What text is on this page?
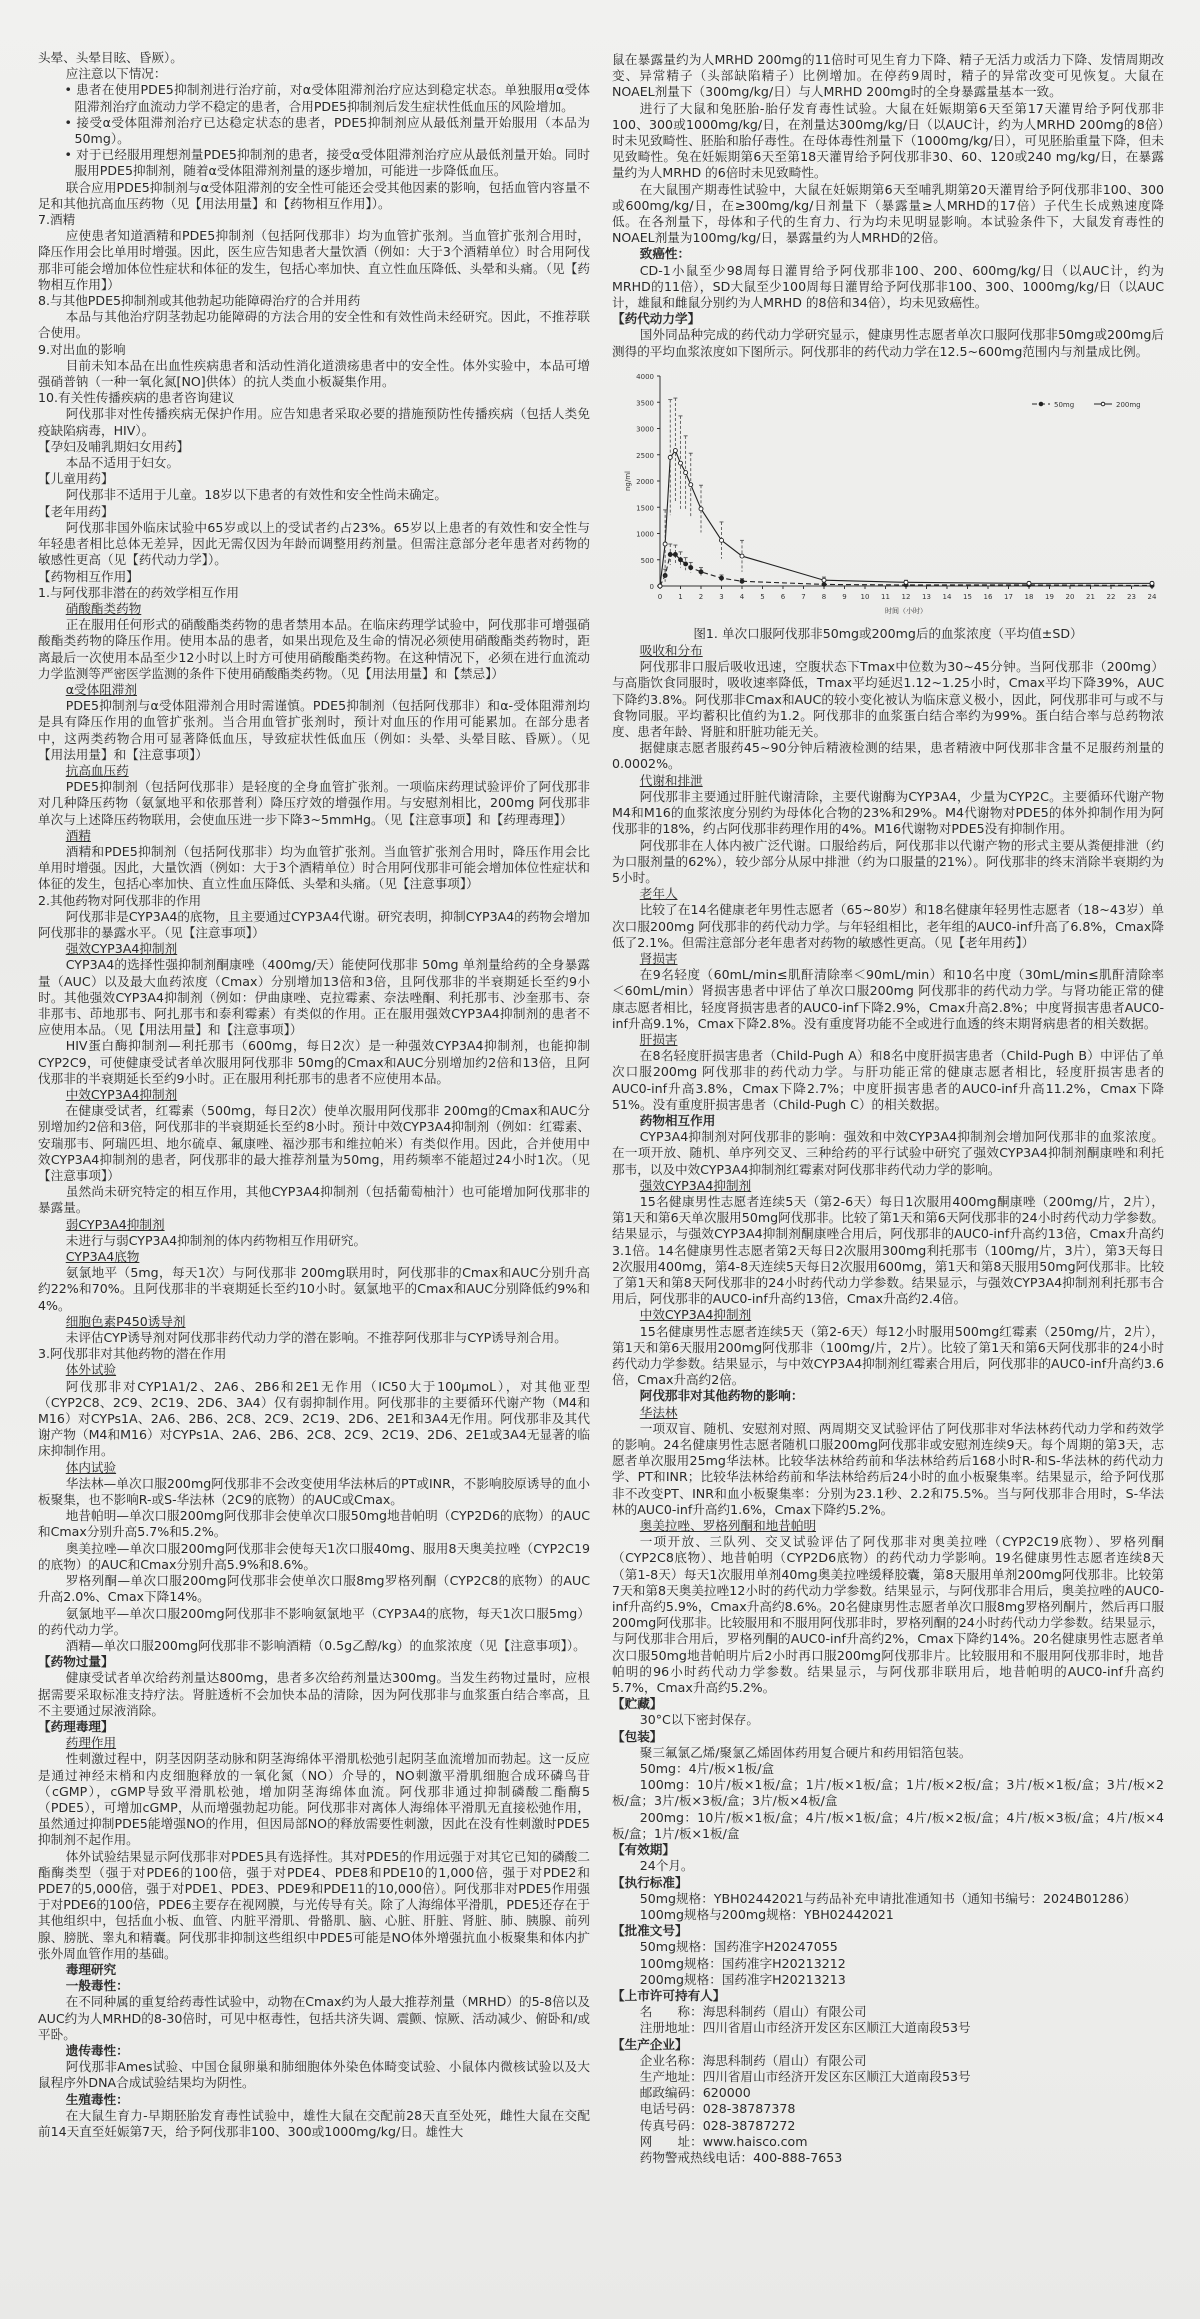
头晕、头晕目眩、昏厥）。

应注意以下情况：

• 患者在使用PDE5抑制剂进行治疗前，对α受体阻滞剂治疗应达到稳定状态。单独服用α受体阻滞剂治疗血流动力学不稳定的患者，合用PDE5抑制剂后发生症状性低血压的风险增加。

• 接受α受体阻滞剂治疗已达稳定状态的患者，PDE5抑制剂应从最低剂量开始服用（本品为50mg）。

• 对于已经服用理想剂量PDE5抑制剂的患者，接受α受体阻滞剂治疗应从最低剂量开始。同时服用PDE5抑制剂，随着α受体阻滞剂剂量的逐步增加，可能进一步降低血压。

联合应用PDE5抑制剂与α受体阻滞剂的安全性可能还会受其他因素的影响，包括血管内容量不足和其他抗高血压药物（见【用法用量】和【药物相互作用】）。

7.酒精

应使患者知道酒精和PDE5抑制剂（包括阿伐那非）均为血管扩张剂。当血管扩张剂合用时，降压作用会比单用时增强。因此，医生应告知患者大量饮酒（例如：大于3个酒精单位）时合用阿伐那非可能会增加体位性症状和体征的发生，包括心率加快、直立性血压降低、头晕和头痛。（见【药物相互作用】）

8.与其他PDE5抑制剂或其他勃起功能障碍治疗的合并用药

本品与其他治疗阴茎勃起功能障碍的方法合用的安全性和有效性尚未经研究。因此，不推荐联合使用。

9.对出血的影响

目前未知本品在出血性疾病患者和活动性消化道溃疡患者中的安全性。体外实验中，本品可增强硝普钠（一种一氧化氮[NO]供体）的抗人类血小板凝集作用。

10.有关性传播疾病的患者咨询建议

阿伐那非对性传播疾病无保护作用。应告知患者采取必要的措施预防性传播疾病（包括人类免疫缺陷病毒，HIV）。

【孕妇及哺乳期妇女用药】

本品不适用于妇女。

【儿童用药】

阿伐那非不适用于儿童。18岁以下患者的有效性和安全性尚未确定。

【老年用药】

阿伐那非国外临床试验中65岁或以上的受试者约占23%。65岁以上患者的有效性和安全性与年轻患者相比总体无差异，因此无需仅因为年龄而调整用药剂量。但需注意部分老年患者对药物的敏感性更高（见【药代动力学】）。

【药物相互作用】

1.与阿伐那非潜在的药效学相互作用

硝酸酯类药物

正在服用任何形式的硝酸酯类药物的患者禁用本品。在临床药理学试验中，阿伐那非可增强硝酸酯类药物的降压作用。使用本品的患者，如果出现危及生命的情况必须使用硝酸酯类药物时，距离最后一次使用本品至少12小时以上时方可使用硝酸酯类药物。在这种情况下，必须在进行血流动力学监测等严密医学监测的条件下使用硝酸酯类药物。（见【用法用量】和【禁忌】）

α受体阻滞剂

PDE5抑制剂与α受体阻滞剂合用时需谨慎。PDE5抑制剂（包括阿伐那非）和α-受体阻滞剂均是具有降压作用的血管扩张剂。当合用血管扩张剂时，预计对血压的作用可能累加。在部分患者中，这两类药物合用可显著降低血压，导致症状性低血压（例如：头晕、头晕目眩、昏厥）。（见【用法用量】和【注意事项】）

抗高血压药

PDE5抑制剂（包括阿伐那非）是轻度的全身血管扩张剂。一项临床药理试验评价了阿伐那非对几种降压药物（氨氯地平和依那普利）降压疗效的增强作用。与安慰剂相比，200mg 阿伐那非单次与上述降压药物联用，会使血压进一步下降3~5mmHg。（见【注意事项】和【药理毒理】）

酒精

酒精和PDE5抑制剂（包括阿伐那非）均为血管扩张剂。当血管扩张剂合用时，降压作用会比单用时增强。因此，大量饮酒（例如：大于3个酒精单位）时合用阿伐那非可能会增加体位性症状和体征的发生，包括心率加快、直立性血压降低、头晕和头痛。（见【注意事项】）

2.其他药物对阿伐那非的作用

阿伐那非是CYP3A4的底物，且主要通过CYP3A4代谢。研究表明，抑制CYP3A4的药物会增加阿伐那非的暴露水平。（见【注意事项】）

强效CYP3A4抑制剂

CYP3A4的选择性强抑制剂酮康唑（400mg/天）能使阿伐那非 50mg 单剂量给药的全身暴露量（AUC）以及最大血药浓度（Cmax）分别增加13倍和3倍，且阿伐那非的半衰期延长至约9小时。其他强效CYP3A4抑制剂（例如：伊曲康唑、克拉霉素、奈法唑酮、利托那韦、沙奎那韦、奈非那韦、茚地那韦、阿扎那韦和泰利霉素）有类似的作用。正在服用强效CYP3A4抑制剂的患者不应使用本品。（见【用法用量】和【注意事项】）

HIV蛋白酶抑制剂—利托那韦（600mg，每日2次）是一种强效CYP3A4抑制剂，也能抑制CYP2C9，可使健康受试者单次服用阿伐那非 50mg的Cmax和AUC分别增加约2倍和13倍，且阿伐那非的半衰期延长至约9小时。正在服用利托那韦的患者不应使用本品。

中效CYP3A4抑制剂

在健康受试者，红霉素（500mg，每日2次）使单次服用阿伐那非 200mg的Cmax和AUC分别增加约2倍和3倍，阿伐那非的半衰期延长至约8小时。预计中效CYP3A4抑制剂（例如：红霉素、安瑞那韦、阿瑞匹坦、地尔硫卓、氟康唑、福沙那韦和维拉帕米）有类似作用。因此，合并使用中效CYP3A4抑制剂的患者，阿伐那非的最大推荐剂量为50mg，用药频率不能超过24小时1次。（见【注意事项】）

虽然尚未研究特定的相互作用，其他CYP3A4抑制剂（包括葡萄柚汁）也可能增加阿伐那非的暴露量。

弱CYP3A4抑制剂

未进行与弱CYP3A4抑制剂的体内药物相互作用研究。

CYP3A4底物

氨氯地平（5mg，每天1次）与阿伐那非 200mg联用时，阿伐那非的Cmax和AUC分别升高约22%和70%。且阿伐那非的半衰期延长至约10小时。氨氯地平的Cmax和AUC分别降低约9%和4%。

细胞色素P450诱导剂

未评估CYP诱导剂对阿伐那非药代动力学的潜在影响。不推荐阿伐那非与CYP诱导剂合用。

3.阿伐那非对其他药物的潜在作用

体外试验

阿伐那非对CYP1A1/2、2A6、2B6和2E1无作用（IC50大于100μmoL），对其他亚型（CYP2C8、2C9、2C19、2D6、3A4）仅有弱抑制作用。阿伐那非的主要循环代谢产物（M4和M16）对CYPs1A、2A6、2B6、2C8、2C9、2C19、2D6、2E1和3A4无作用。阿伐那非及其代谢产物（M4和M16）对CYPs1A、2A6、2B6、2C8、2C9、2C19、2D6、2E1或3A4无显著的临床抑制作用。

体内试验

华法林—单次口服200mg阿伐那非不会改变使用华法林后的PT或INR，不影响胶原诱导的血小板聚集，也不影响R-或S-华法林（2C9的底物）的AUC或Cmax。

地昔帕明—单次口服200mg阿伐那非会使单次口服50mg地昔帕明（CYP2D6的底物）的AUC和Cmax分别升高5.7%和5.2%。

奥美拉唑—单次口服200mg阿伐那非会使每天1次口服40mg、服用8天奥美拉唑（CYP2C19的底物）的AUC和Cmax分别升高5.9%和8.6%。

罗格列酮—单次口服200mg阿伐那非会使单次口服8mg罗格列酮（CYP2C8的底物）的AUC升高2.0%、Cmax下降14%。

氨氯地平—单次口服200mg阿伐那非不影响氨氯地平（CYP3A4的底物，每天1次口服5mg）的药代动力学。

酒精—单次口服200mg阿伐那非不影响酒精（0.5g乙醇/kg）的血浆浓度（见【注意事项】）。

【药物过量】

健康受试者单次给药剂量达800mg，患者多次给药剂量达300mg。当发生药物过量时，应根据需要采取标准支持疗法。肾脏透析不会加快本品的清除，因为阿伐那非与血浆蛋白结合率高，且不主要通过尿液消除。

【药理毒理】

药理作用

性刺激过程中，阴茎因阴茎动脉和阴茎海绵体平滑肌松弛引起阴茎血流增加而勃起。这一反应是通过神经末梢和内皮细胞释放的一氧化氮（NO）介导的，NO刺激平滑肌细胞合成环磷鸟苷（cGMP），cGMP导致平滑肌松弛，增加阴茎海绵体血流。阿伐那非通过抑制磷酸二酯酶5（PDE5），可增加cGMP，从而增强勃起功能。阿伐那非对离体人海绵体平滑肌无直接松弛作用，虽然通过抑制PDE5能增强NO的作用，但因局部NO的释放需要性刺激，因此在没有性刺激时PDE5抑制剂不起作用。

体外试验结果显示阿伐那非对PDE5具有选择性。其对PDE5的作用远强于对其它已知的磷酸二酯酶类型（强于对PDE6的100倍，强于对PDE4、PDE8和PDE10的1,000倍，强于对PDE2和PDE7的5,000倍，强于对PDE1、PDE3、PDE9和PDE11的10,000倍）。阿伐那非对PDE5作用强于对PDE6的100倍，PDE6主要存在视网膜，与光传导有关。除了人海绵体平滑肌，PDE5还存在于其他组织中，包括血小板、血管、内脏平滑肌、骨骼肌、脑、心脏、肝脏、肾脏、肺、胰腺、前列腺、膀胱、睾丸和精囊。阿伐那非抑制这些组织中PDE5可能是NO体外增强抗血小板聚集和体内扩张外周血管作用的基础。

毒理研究

一般毒性：

在不同种属的重复给药毒性试验中，动物在Cmax约为人最大推荐剂量（MRHD）的5-8倍以及AUC约为人MRHD的8-30倍时，可见中枢毒性，包括共济失调、震颤、惊厥、活动减少、俯卧和/或平卧。

遗传毒性：

阿伐那非Ames试验、中国仓鼠卵巢和肺细胞体外染色体畸变试验、小鼠体内微核试验以及大鼠程序外DNA合成试验结果均为阴性。

生殖毒性：

在大鼠生育力-早期胚胎发育毒性试验中，雄性大鼠在交配前28天直至处死，雌性大鼠在交配前14天直至妊娠第7天，给予阿伐那非100、300或1000mg/kg/日。雄性大

鼠在暴露量约为人MRHD 200mg的11倍时可见生育力下降、精子无活力或活力下降、发情周期改变、异常精子（头部缺陷精子）比例增加。在停药9周时，精子的异常改变可见恢复。大鼠在NOAEL剂量下（300mg/kg/日）与人MRHD 200mg时的全身暴露量基本一致。

进行了大鼠和兔胚胎-胎仔发育毒性试验。大鼠在妊娠期第6天至第17天灌胃给予阿伐那非100、300或1000mg/kg/日，在剂量达300mg/kg/日（以AUC计，约为人MRHD 200mg的8倍）时未见致畸性、胚胎和胎仔毒性。在母体毒性剂量下（1000mg/kg/日），可见胚胎重量下降，但未见致畸性。兔在妊娠期第6天至第18天灌胃给予阿伐那非30、60、120或240 mg/kg/日，在暴露量约为人MRHD 的6倍时未见致畸性。

在大鼠围产期毒性试验中，大鼠在妊娠期第6天至哺乳期第20天灌胃给予阿伐那非100、300或600mg/kg/日，在≥300mg/kg/日剂量下（暴露量≥人MRHD的17倍）子代生长成熟速度降低。在各剂量下，母体和子代的生育力、行为均未见明显影响。本试验条件下，大鼠发育毒性的NOAEL剂量为100mg/kg/日，暴露量约为人MRHD的2倍。

致癌性：

CD-1小鼠至少98周每日灌胃给予阿伐那非100、200、600mg/kg/日（以AUC计，约为MRHD的11倍），SD大鼠至少100周每日灌胃给予阿伐那非100、300、1000mg/kg/日（以AUC计，雄鼠和雌鼠分别约为人MRHD 的8倍和34倍），均未见致癌性。

【药代动力学】

国外同品种完成的药代动力学研究显示，健康男性志愿者单次口服阿伐那非50mg或200mg后测得的平均血浆浓度如下图所示。阿伐那非的药代动力学在12.5~600mg范围内与剂量成比例。

0
500
1000
1500
2000
2500
3000
3500
4000
0 1 2 3 4 5 6 7 8 9 10 11 12 13 14 15 16 17 18 19 20 21 22 23 24
时间（小时）
ng/ml
50mg	200mg

图1. 单次口服阿伐那非50mg或200mg后的血浆浓度（平均值±SD）

吸收和分布

阿伐那非口服后吸收迅速，空腹状态下Tmax中位数为30~45分钟。当阿伐那非（200mg）与高脂饮食同服时，吸收速率降低，Tmax平均延迟1.12~1.25小时，Cmax平均下降39%，AUC下降约3.8%。阿伐那非Cmax和AUC的较小变化被认为临床意义极小，因此，阿伐那非可与或不与食物同服。平均蓄积比值约为1.2。阿伐那非的血浆蛋白结合率约为99%。蛋白结合率与总药物浓度、患者年龄、肾脏和肝脏功能无关。

据健康志愿者服药45~90分钟后精液检测的结果，患者精液中阿伐那非含量不足服药剂量的0.0002%。

代谢和排泄

阿伐那非主要通过肝脏代谢清除，主要代谢酶为CYP3A4，少量为CYP2C。主要循环代谢产物M4和M16的血浆浓度分别约为母体化合物的23%和29%。M4代谢物对PDE5的体外抑制作用为阿伐那非的18%，约占阿伐那非药理作用的4%。M16代谢物对PDE5没有抑制作用。

阿伐那非在人体内被广泛代谢。口服给药后，阿伐那非以代谢产物的形式主要从粪便排泄（约为口服剂量的62%），较少部分从尿中排泄（约为口服量的21%）。阿伐那非的终末消除半衰期约为5小时。

老年人

比较了在14名健康老年男性志愿者（65~80岁）和18名健康年轻男性志愿者（18~43岁）单次口服200mg 阿伐那非的药代动力学。与年轻组相比，老年组的AUC0-inf升高了6.8%，Cmax降低了2.1%。但需注意部分老年患者对药物的敏感性更高。（见【老年用药】）

肾损害

在9名轻度（60mL/min≤肌酐清除率＜90mL/min）和10名中度（30mL/min≤肌酐清除率＜60mL/min）肾损害患者中评估了单次口服200mg 阿伐那非的药代动力学。与肾功能正常的健康志愿者相比，轻度肾损害患者的AUC0-inf下降2.9%，Cmax升高2.8%；中度肾损害患者AUC0-inf升高9.1%，Cmax下降2.8%。没有重度肾功能不全或进行血透的终末期肾病患者的相关数据。

肝损害

在8名轻度肝损害患者（Child-Pugh A）和8名中度肝损害患者（Child-Pugh B）中评估了单次口服200mg 阿伐那非的药代动力学。与肝功能正常的健康志愿者相比，轻度肝损害患者的AUC0-inf升高3.8%，Cmax下降2.7%；中度肝损害患者的AUC0-inf升高11.2%，Cmax下降51%。没有重度肝损害患者（Child-Pugh C）的相关数据。

药物相互作用

CYP3A4抑制剂对阿伐那非的影响：强效和中效CYP3A4抑制剂会增加阿伐那非的血浆浓度。在一项开放、随机、单序列交叉、三种给药的平行试验中研究了强效CYP3A4抑制剂酮康唑和利托那韦，以及中效CYP3A4抑制剂红霉素对阿伐那非药代动力学的影响。

强效CYP3A4抑制剂

15名健康男性志愿者连续5天（第2-6天）每日1次服用400mg酮康唑（200mg/片，2片），第1天和第6天单次服用50mg阿伐那非。比较了第1天和第6天阿伐那非的24小时药代动力学参数。结果显示，与强效CYP3A4抑制剂酮康唑合用后，阿伐那非的AUC0-inf升高约13倍，Cmax升高约3.1倍。14名健康男性志愿者第2天每日2次服用300mg利托那韦（100mg/片，3片），第3天每日2次服用400mg，第4-8天连续5天每日2次服用600mg，第1天和第8天服用50mg阿伐那非。比较了第1天和第8天阿伐那非的24小时药代动力学参数。结果显示，与强效CYP3A4抑制剂利托那韦合用后，阿伐那非的AUC0-inf升高约13倍，Cmax升高约2.4倍。

中效CYP3A4抑制剂

15名健康男性志愿者连续5天（第2-6天）每12小时服用500mg红霉素（250mg/片，2片），第1天和第6天服用200mg阿伐那非（100mg/片，2片）。比较了第1天和第6天阿伐那非的24小时药代动力学参数。结果显示，与中效CYP3A4抑制剂红霉素合用后，阿伐那非的AUC0-inf升高约3.6倍，Cmax升高约2倍。

阿伐那非对其他药物的影响：

华法林

一项双盲、随机、安慰剂对照、两周期交叉试验评估了阿伐那非对华法林药代动力学和药效学的影响。24名健康男性志愿者随机口服200mg阿伐那非或安慰剂连续9天。每个周期的第3天，志愿者单次服用25mg华法林。比较华法林给药前和华法林给药后168小时R-和S-华法林的药代动力学、PT和INR；比较华法林给药前和华法林给药后24小时的血小板聚集率。结果显示，给予阿伐那非不改变PT、INR和血小板聚集率：分别为23.1秒、2.2和75.5%。当与阿伐那非合用时，S-华法林的AUC0-inf升高约1.6%，Cmax下降约5.2%。

奥美拉唑、罗格列酮和地昔帕明

一项开放、三队列、交叉试验评估了阿伐那非对奥美拉唑（CYP2C19底物）、罗格列酮（CYP2C8底物）、地昔帕明（CYP2D6底物）的药代动力学影响。19名健康男性志愿者连续8天（第1-8天）每天1次服用单剂40mg奥美拉唑缓释胶囊，第8天服用单剂200mg阿伐那非。比较第7天和第8天奥美拉唑12小时的药代动力学参数。结果显示，与阿伐那非合用后，奥美拉唑的AUC0-inf升高约5.9%，Cmax升高约8.6%。20名健康男性志愿者单次口服8mg罗格列酮片，然后再口服200mg阿伐那非。比较服用和不服用阿伐那非时，罗格列酮的24小时药代动力学参数。结果显示，与阿伐那非合用后，罗格列酮的AUC0-inf升高约2%，Cmax下降约14%。20名健康男性志愿者单次口服50mg地昔帕明片后2小时再口服200mg阿伐那非片。比较服用和不服用阿伐那非时，地昔帕明的96小时药代动力学参数。结果显示，与阿伐那非联用后，地昔帕明的AUC0-inf升高约5.7%，Cmax升高约5.2%。

【贮藏】

30°C以下密封保存。

【包装】

聚三氟氯乙烯/聚氯乙烯固体药用复合硬片和药用铝箔包装。

50mg：4片/板×1板/盒

100mg：10片/板×1板/盒；1片/板×1板/盒；1片/板×2板/盒；3片/板×1板/盒；3片/板×2板/盒；3片/板×3板/盒；3片/板×4板/盒

200mg：10片/板×1板/盒；4片/板×1板/盒；4片/板×2板/盒；4片/板×3板/盒；4片/板×4板/盒；1片/板×1板/盒

【有效期】

24个月。

【执行标准】

50mg规格：YBH02442021与药品补充申请批准通知书（通知书编号：2024B01286）

100mg规格与200mg规格：YBH02442021

【批准文号】

50mg规格：国药准字H20247055

100mg规格：国药准字H20213212

200mg规格：国药准字H20213213

【上市许可持有人】

名　　称：海思科制药（眉山）有限公司

注册地址：四川省眉山市经济开发区东区顺江大道南段53号

【生产企业】

企业名称：海思科制药（眉山）有限公司

生产地址：四川省眉山市经济开发区东区顺江大道南段53号

邮政编码：620000

电话号码：028-38787378

传真号码：028-38787272

网　　址：www.haisco.com

药物警戒热线电话：400-888-7653
